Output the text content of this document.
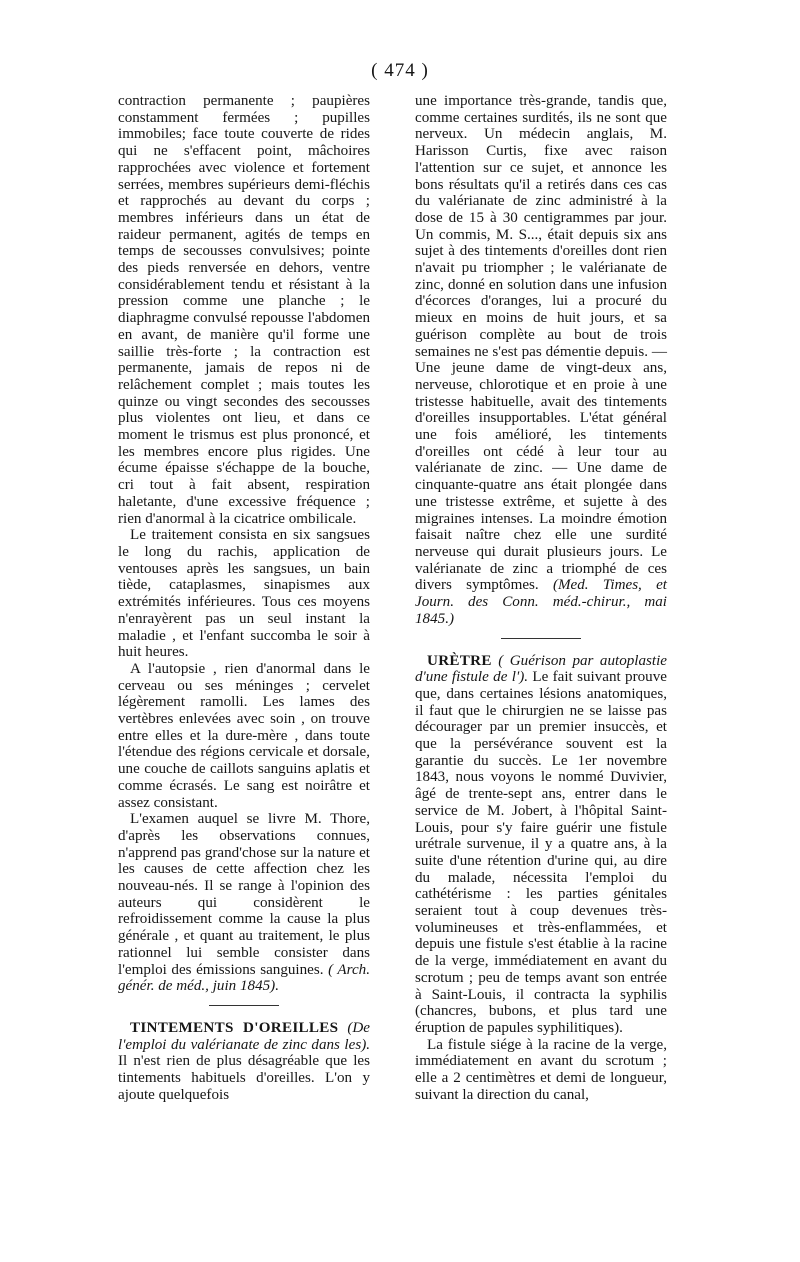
( 474 )

contraction permanente ; paupières constamment fermées ; pupilles immobiles; face toute couverte de rides qui ne s'effacent point, mâchoires rapprochées avec violence et fortement serrées, membres supérieurs demi-fléchis et rapprochés au devant du corps ; membres inférieurs dans un état de raideur permanent, agités de temps en temps de secousses convulsives; pointe des pieds renversée en dehors, ventre considérablement tendu et résistant à la pression comme une planche ; le diaphragme convulsé repousse l'abdomen en avant, de manière qu'il forme une saillie très-forte ; la contraction est permanente, jamais de repos ni de relâchement complet ; mais toutes les quinze ou vingt secondes des secousses plus violentes ont lieu, et dans ce moment le trismus est plus prononcé, et les membres encore plus rigides. Une écume épaisse s'échappe de la bouche, cri tout à fait absent, respiration haletante, d'une excessive fréquence ; rien d'anormal à la cicatrice ombilicale.

Le traitement consista en six sangsues le long du rachis, application de ventouses après les sangsues, un bain tiède, cataplasmes, sinapismes aux extrémités inférieures. Tous ces moyens n'enrayèrent pas un seul instant la maladie , et l'enfant succomba le soir à huit heures.

A l'autopsie , rien d'anormal dans le cerveau ou ses méninges ; cervelet légèrement ramolli. Les lames des vertèbres enlevées avec soin , on trouve entre elles et la dure-mère , dans toute l'étendue des régions cervicale et dorsale, une couche de caillots sanguins aplatis et comme écrasés. Le sang est noirâtre et assez consistant.

L'examen auquel se livre M. Thore, d'après les observations connues, n'apprend pas grand'chose sur la nature et les causes de cette affection chez les nouveau-nés. Il se range à l'opinion des auteurs qui considèrent le refroidissement comme la cause la plus générale , et quant au traitement, le plus rationnel lui semble consister dans l'emploi des émissions sanguines. ( Arch. génér. de méd., juin 1845).

TINTEMENTS D'OREILLES (De l'emploi du valérianate de zinc dans les). Il n'est rien de plus désagréable que les tintements habituels d'oreilles. L'on y ajoute quelquefois

une importance très-grande, tandis que, comme certaines surdités, ils ne sont que nerveux. Un médecin anglais, M. Harisson Curtis, fixe avec raison l'attention sur ce sujet, et annonce les bons résultats qu'il a retirés dans ces cas du valérianate de zinc administré à la dose de 15 à 30 centigrammes par jour. Un commis, M. S..., était depuis six ans sujet à des tintements d'oreilles dont rien n'avait pu triompher ; le valérianate de zinc, donné en solution dans une infusion d'écorces d'oranges, lui a procuré du mieux en moins de huit jours, et sa guérison complète au bout de trois semaines ne s'est pas démentie depuis. — Une jeune dame de vingt-deux ans, nerveuse, chlorotique et en proie à une tristesse habituelle, avait des tintements d'oreilles insupportables. L'état général une fois amélioré, les tintements d'oreilles ont cédé à leur tour au valérianate de zinc. — Une dame de cinquante-quatre ans était plongée dans une tristesse extrême, et sujette à des migraines intenses. La moindre émotion faisait naître chez elle une surdité nerveuse qui durait plusieurs jours. Le valérianate de zinc a triomphé de ces divers symptômes. (Med. Times, et Journ. des Conn. méd.-chirur., mai 1845.)

URÈTRE ( Guérison par autoplastie d'une fistule de l'). Le fait suivant prouve que, dans certaines lésions anatomiques, il faut que le chirurgien ne se laisse pas décourager par un premier insuccès, et que la persévérance souvent est la garantie du succès. Le 1er novembre 1843, nous voyons le nommé Duvivier, âgé de trente-sept ans, entrer dans le service de M. Jobert, à l'hôpital Saint-Louis, pour s'y faire guérir une fistule urétrale survenue, il y a quatre ans, à la suite d'une rétention d'urine qui, au dire du malade, nécessita l'emploi du cathétérisme : les parties génitales seraient tout à coup devenues très-volumineuses et très-enflammées, et depuis une fistule s'est établie à la racine de la verge, immédiatement en avant du scrotum ; peu de temps avant son entrée à Saint-Louis, il contracta la syphilis (chancres, bubons, et plus tard une éruption de papules syphilitiques).

La fistule siége à la racine de la verge, immédiatement en avant du scrotum ; elle a 2 centimètres et demi de longueur, suivant la direction du canal,
